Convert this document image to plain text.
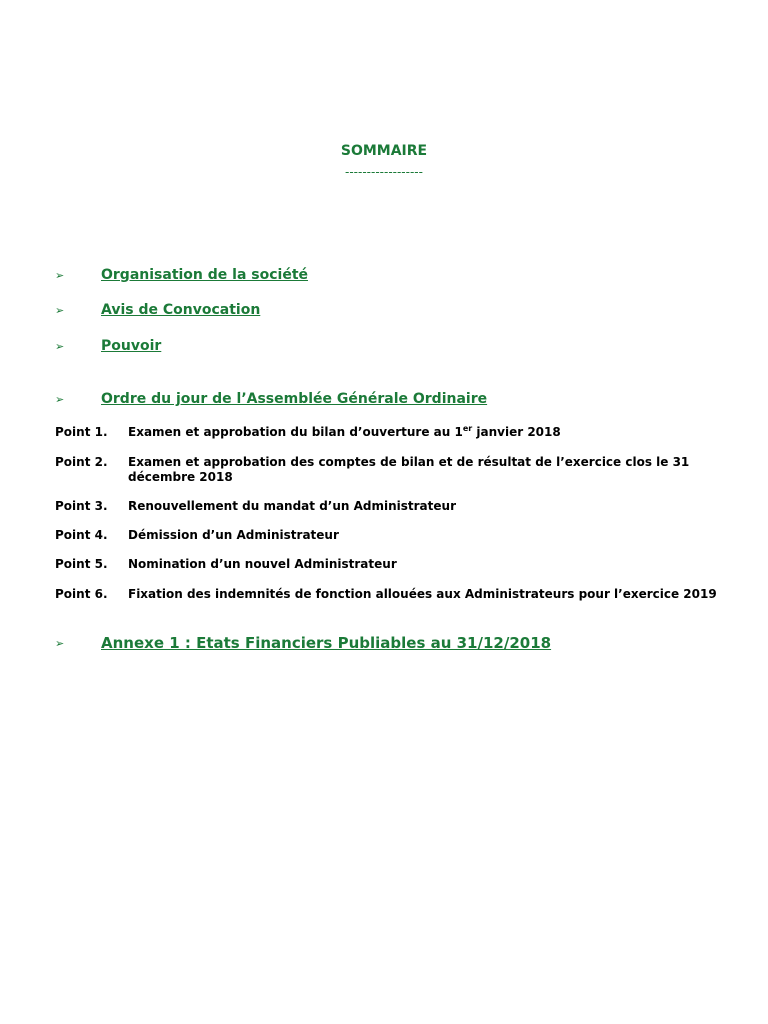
SOMMAIRE
------------------
➢	Organisation de la société
➢	Avis de Convocation
➢	Pouvoir
➢	Ordre du jour de l’Assemblée Générale Ordinaire
Point 1.	Examen et approbation du bilan d’ouverture au 1er janvier 2018
Point 2.	Examen et approbation des comptes de bilan et de résultat de l’exercice clos le 31 décembre 2018
Point 3.	Renouvellement du mandat d’un Administrateur
Point 4.	Démission d’un Administrateur
Point 5.	Nomination d’un nouvel Administrateur
Point 6.	Fixation des indemnités de fonction allouées aux Administrateurs pour l’exercice 2019
➢	Annexe 1 : Etats Financiers Publiables au 31/12/2018
